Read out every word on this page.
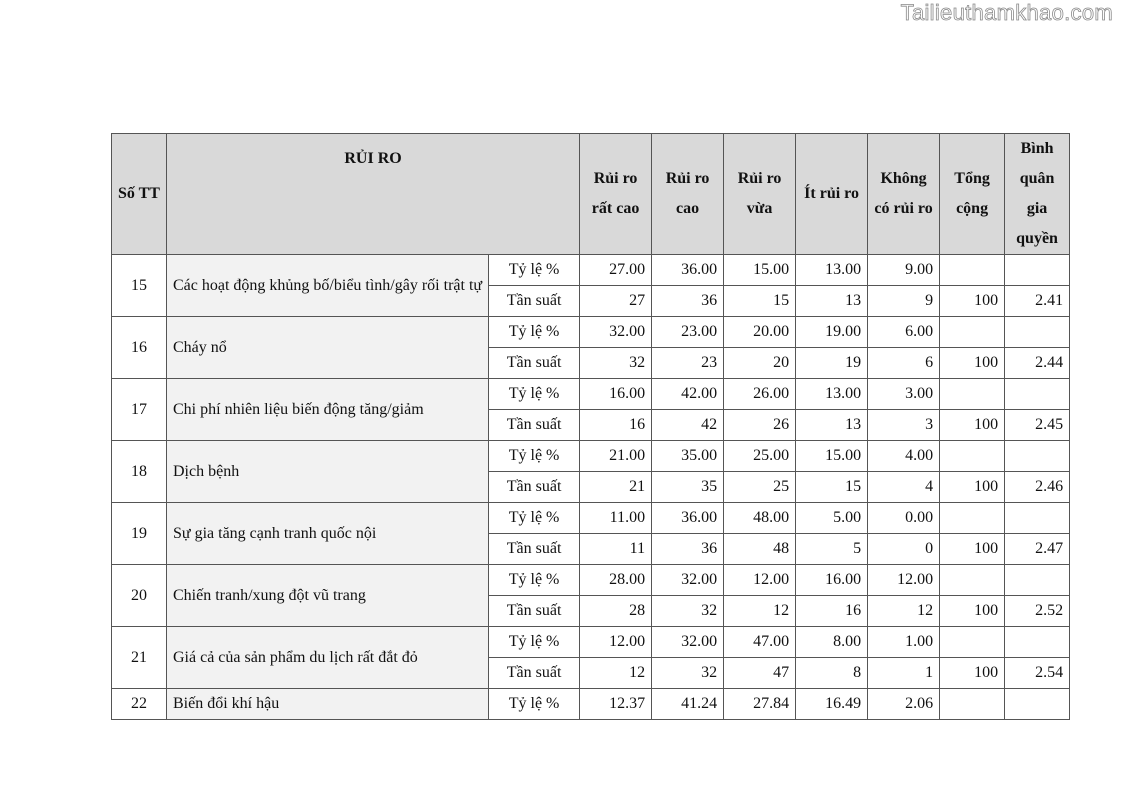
Tailieuthamkhao.com
Số TT	RỦI RO		Rủi ro rất cao	Rủi ro cao	Rủi ro vừa	Ít rủi ro	Không có rủi ro	Tổng cộng	Bình quân gia quyền
15	Các hoạt động khủng bố/biểu tình/gây rối trật tự	Tỷ lệ %	27.00	36.00	15.00	13.00	9.00		
		Tần suất	27	36	15	13	9	100	2.41
16	Cháy nổ	Tỷ lệ %	32.00	23.00	20.00	19.00	6.00		
		Tần suất	32	23	20	19	6	100	2.44
17	Chi phí nhiên liệu biến động tăng/giảm	Tỷ lệ %	16.00	42.00	26.00	13.00	3.00		
		Tần suất	16	42	26	13	3	100	2.45
18	Dịch bệnh	Tỷ lệ %	21.00	35.00	25.00	15.00	4.00		
		Tần suất	21	35	25	15	4	100	2.46
19	Sự gia tăng cạnh tranh quốc nội	Tỷ lệ %	11.00	36.00	48.00	5.00	0.00		
		Tần suất	11	36	48	5	0	100	2.47
20	Chiến tranh/xung đột vũ trang	Tỷ lệ %	28.00	32.00	12.00	16.00	12.00		
		Tần suất	28	32	12	16	12	100	2.52
21	Giá cả của sản phẩm du lịch rất đắt đỏ	Tỷ lệ %	12.00	32.00	47.00	8.00	1.00		
		Tần suất	12	32	47	8	1	100	2.54
22	Biến đổi khí hậu	Tỷ lệ %	12.37	41.24	27.84	16.49	2.06		
